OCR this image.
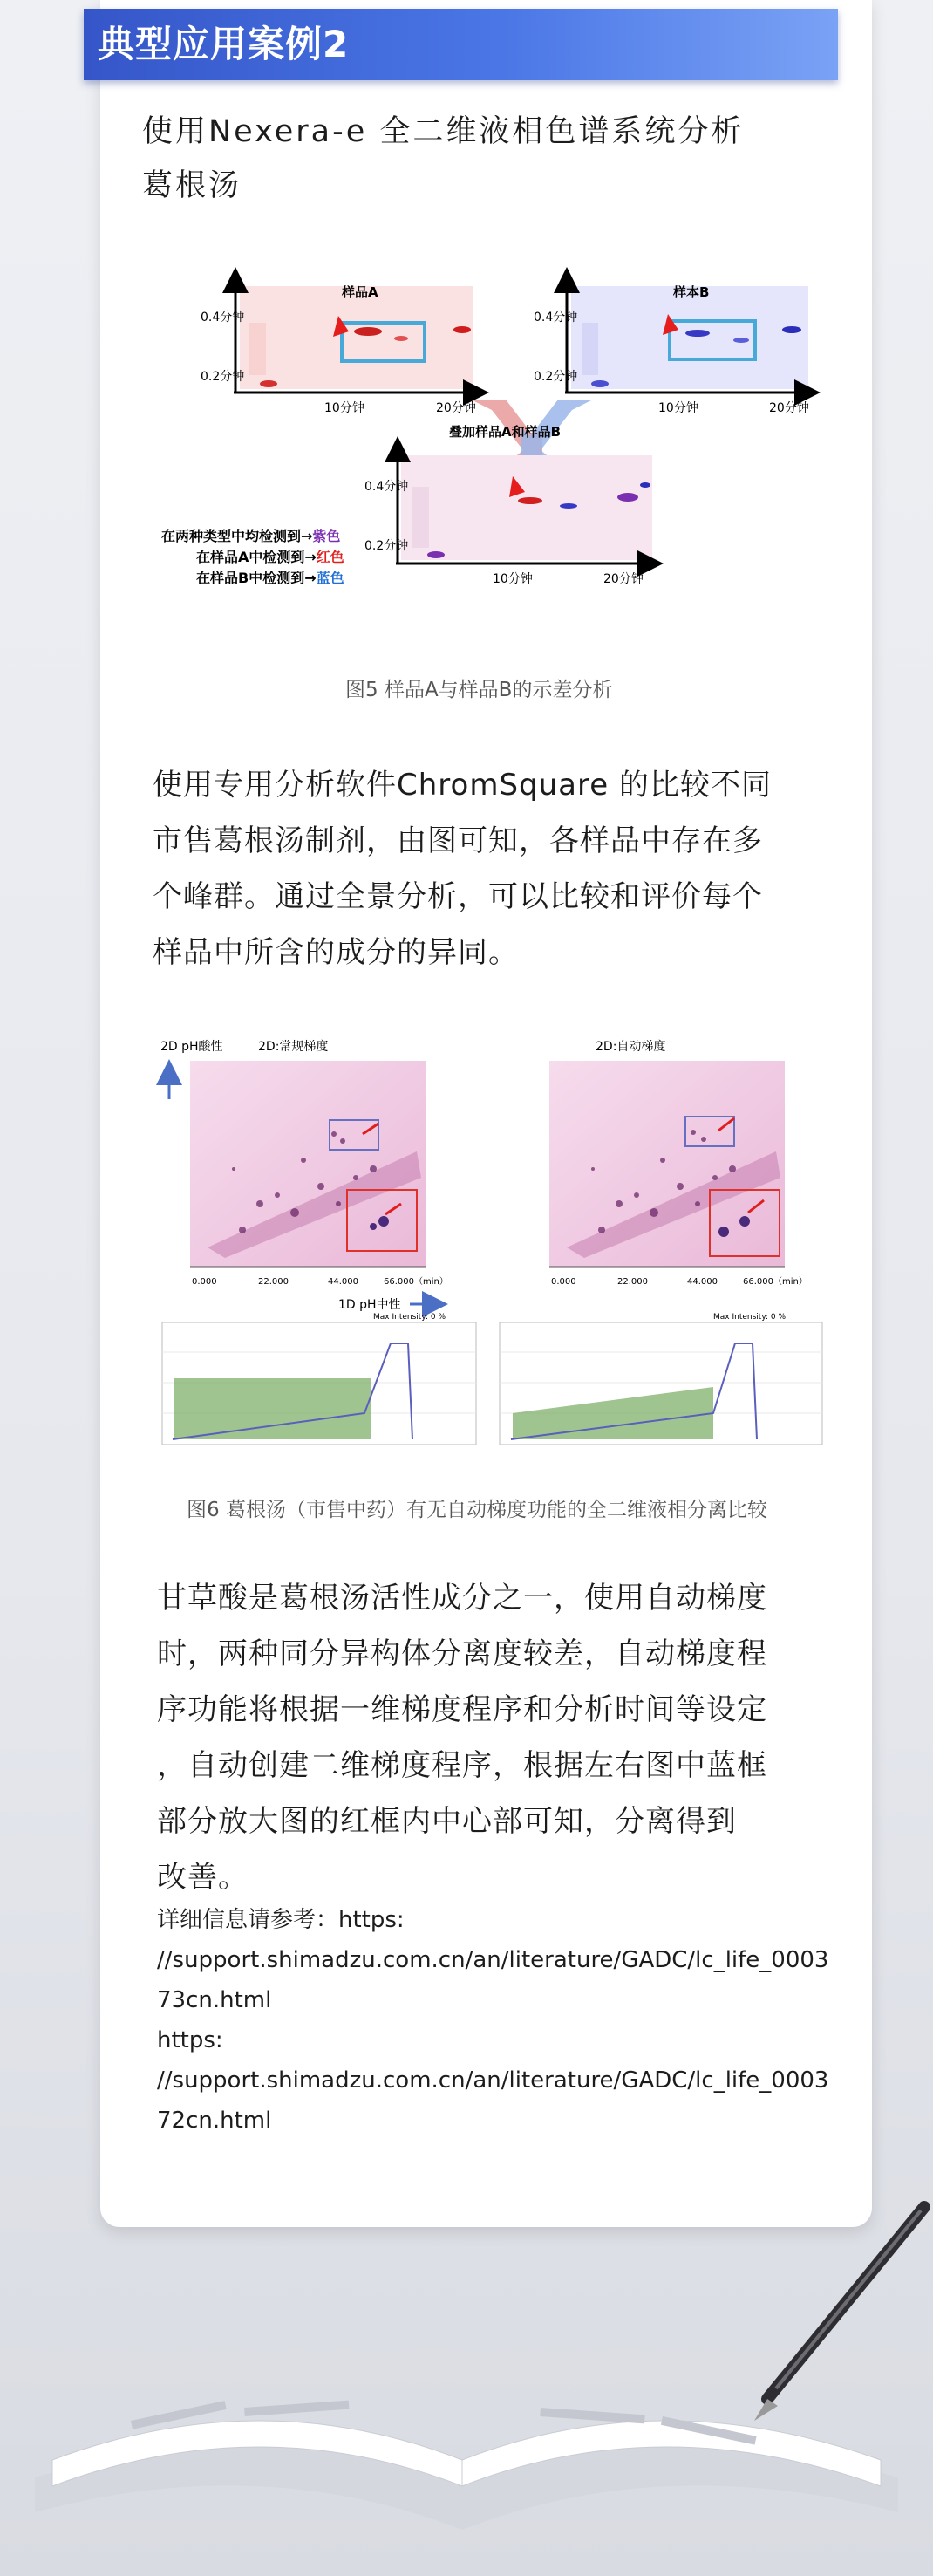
典型应用案例2
使用Nexera-e 全二维液相色谱系统分析
葛根汤
样品A
0.4分钟
0.2分钟
10分钟	20分钟
样本B
0.4分钟
0.2分钟
10分钟	20分钟
叠加样品A和样品B
0.4分钟
0.2分钟
10分钟	20分钟
在两种类型中均检测到→紫色
在样品A中检测到→红色
在样品B中检测到→蓝色
图5 样品A与样品B的示差分析
使用专用分析软件ChromSquare 的比较不同
市售葛根汤制剂，由图可知，各样品中存在多
个峰群。通过全景分析，可以比较和评价每个
样品中所含的成分的异同。
2D pH酸性	2D:常规梯度	2D:自动梯度
0.000	22.000	44.000	66.000（min）	0.000	22.000	44.000	66.000（min）
1D pH中性
Max Intensity: 0 %	Max Intensity: 0 %
图6 葛根汤（市售中药）有无自动梯度功能的全二维液相分离比较
甘草酸是葛根汤活性成分之一，使用自动梯度
时，两种同分异构体分离度较差，自动梯度程
序功能将根据一维梯度程序和分析时间等设定
，自动创建二维梯度程序，根据左右图中蓝框
部分放大图的红框内中心部可知，分离得到
改善。
详细信息请参考：https:
//support.shimadzu.com.cn/an/literature/GADC/lc_life_0003
73cn.html
https:
//support.shimadzu.com.cn/an/literature/GADC/lc_life_0003
72cn.html
